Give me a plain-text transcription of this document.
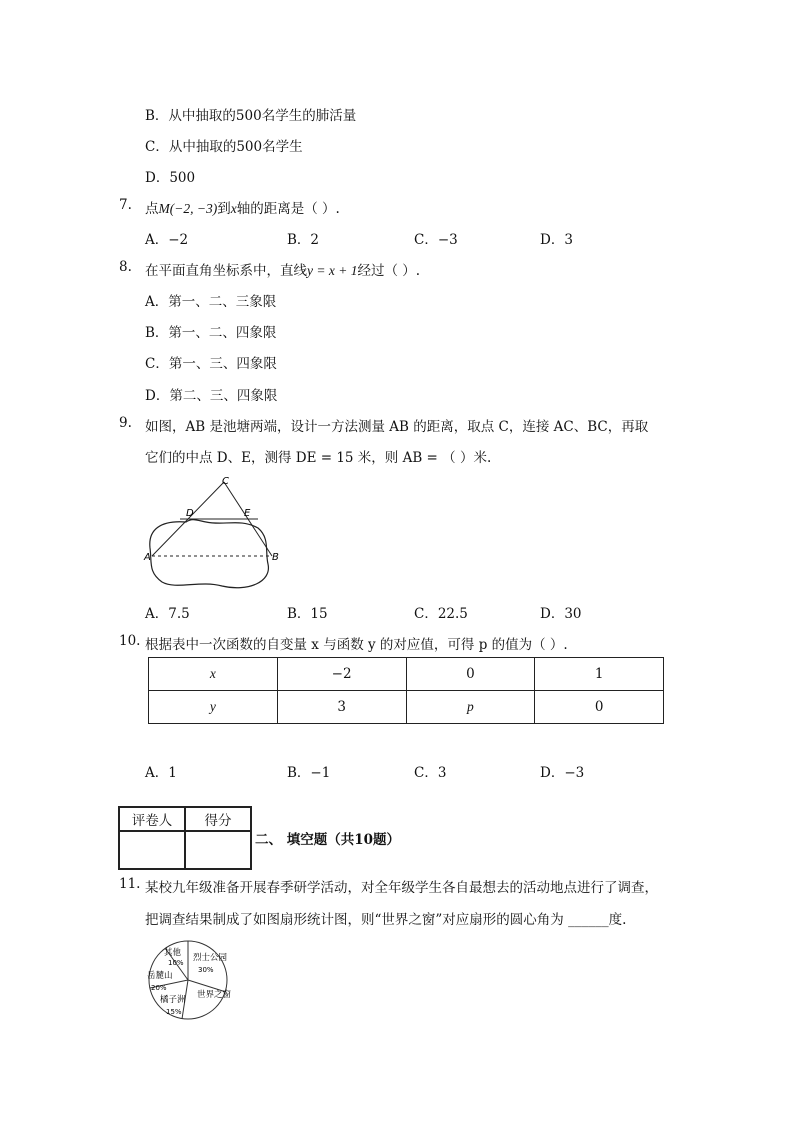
B．从中抽取的500名学生的肺活量
C．从中抽取的500名学生
D．500
7. 点M(−2, −3)到x轴的距离是（ ）.
A．−2	B．2	C．−3	D．3
8. 在平面直角坐标系中，直线y = x + 1经过（ ）.
A．第一、二、三象限
B．第一、二、四象限
C．第一、三、四象限
D．第二、三、四象限
9. 如图，AB 是池塘两端，设计一方法测量 AB 的距离，取点 C，连接 AC、BC，再取
它们的中点 D、E，测得 DE = 15 米，则 AB = （ ）米.
C
D	E
A	B
A．7.5	B．15	C．22.5	D．30
10. 根据表中一次函数的自变量 x 与函数 y 的对应值，可得 p 的值为（ ）.
x	−2	0	1
y	3	p	0
A．1	B．−1	C．3	D．−3
评卷人	得分

二、 填空题（共10题）
11. 某校九年级准备开展春季研学活动，对全年级学生各自最想去的活动地点进行了调查，
把调查结果制成了如图扇形统计图，则“世界之窗”对应扇形的圆心角为 ______度.
其他
10% 烈士公园
30%
岳麓山
20%
橘子洲
15%
世界之窗
